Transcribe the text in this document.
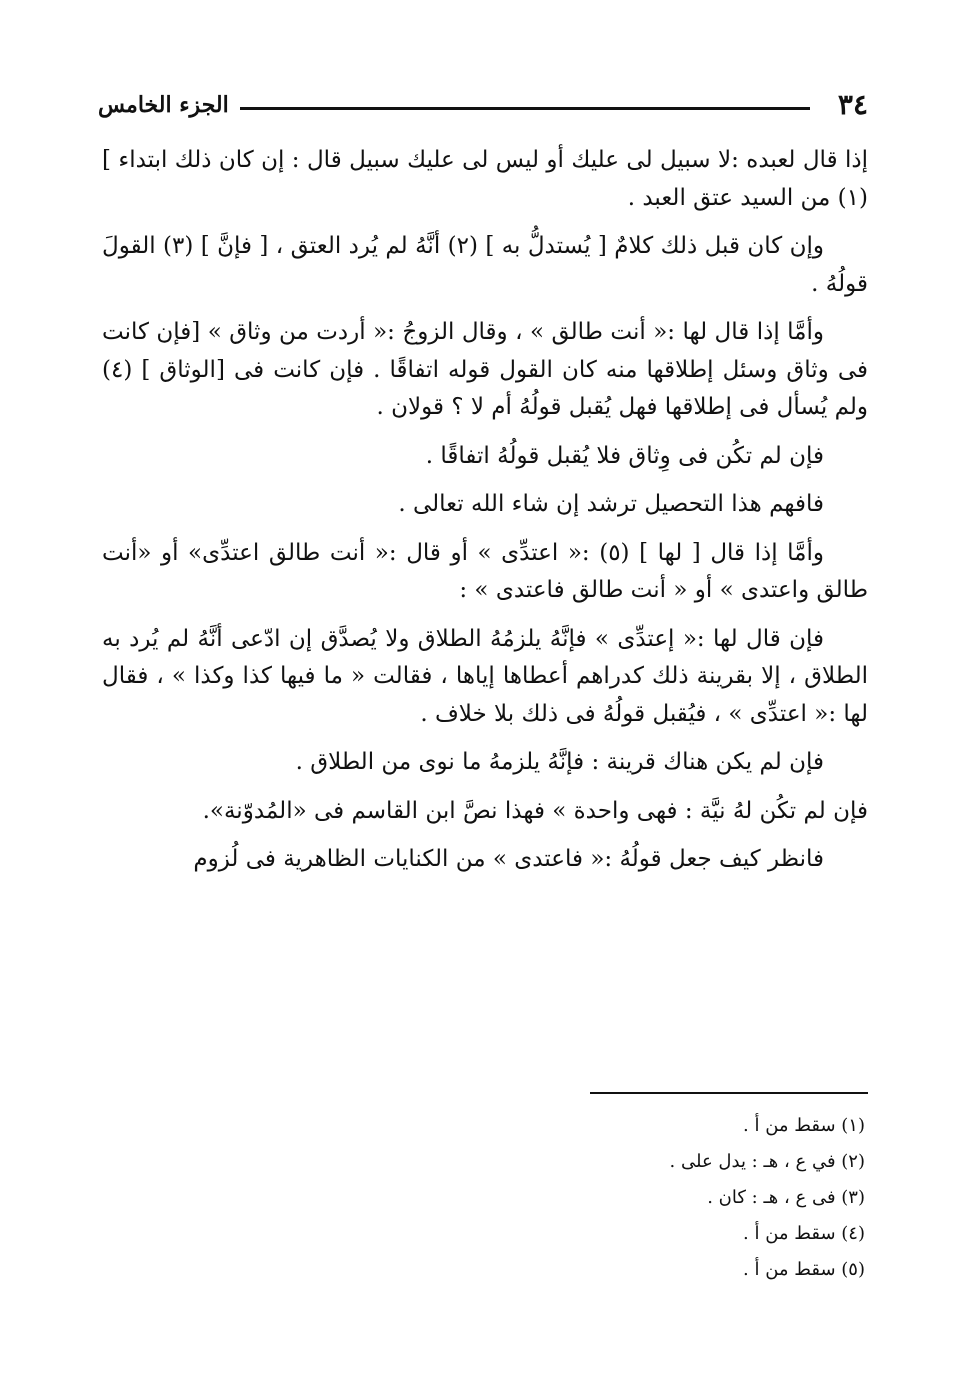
٣٤
الجزء الخامس

إذا قال لعبده :لا سبيل لى عليك أو ليس لى عليك سبيل قال : إن كان ذلك ابتداء ] (١) من السيد عتق العبد .

وإن كان قبل ذلك كلامٌ [ يُستدلُّ به ] (٢) أنَّهُ لم يُرد العتق ، [ فإنَّ ] (٣) القولَ قولُهُ .

وأمَّا إذا قال لها :« أنت طالق » ، وقال الزوجُ :« أردت من وثاق » [فإن كانت فى وثاق وسئل إطلاقها منه كان القول قوله اتفاقًا . فإن كانت فى [الوثاق ] (٤) ولم يُسأل فى إطلاقها فهل يُقبل قولُهُ أم لا ؟ قولان .

فإن لم تكُن فى وِثاق فلا يُقبل قولُهُ اتفاقًا .

فافهم هذا التحصيل ترشد إن شاء الله تعالى .

وأمَّا إذا قال [ لها ] (٥) :« اعتدِّى » أو قال :« أنت طالق اعتدِّى» أو «أنت طالق واعتدى » أو « أنت طالق فاعتدى » :

فإن قال لها :« إعتدِّى » فإنَّهُ يلزمُهُ الطلاق ولا يُصدَّق إن ادّعى أنَّهُ لم يُرد به الطلاق ، إلا بقرينة ذلك كدراهم أعطاها إياها ، فقالت « ما فيها كذا وكذا » ، فقال لها :« اعتدِّى » ، فيُقبل قولُهُ فى ذلك بلا خلاف .

فإن لم يكن هناك قرينة : فإنَّهُ يلزمهُ ما نوى من الطلاق .

فإن لم تكُن لهُ نيَّة : فهى واحدة » فهذا نصَّ ابن القاسم فى «المُدوّنة».

فانظر كيف جعل قولُهُ :« فاعتدى » من الكنايات الظاهرية فى لُزوم

(١) سقط من أ .
(٢) في ع ، هـ : يدل على .
(٣) فى ع ، هـ : كان .
(٤) سقط من أ .
(٥) سقط من أ .
